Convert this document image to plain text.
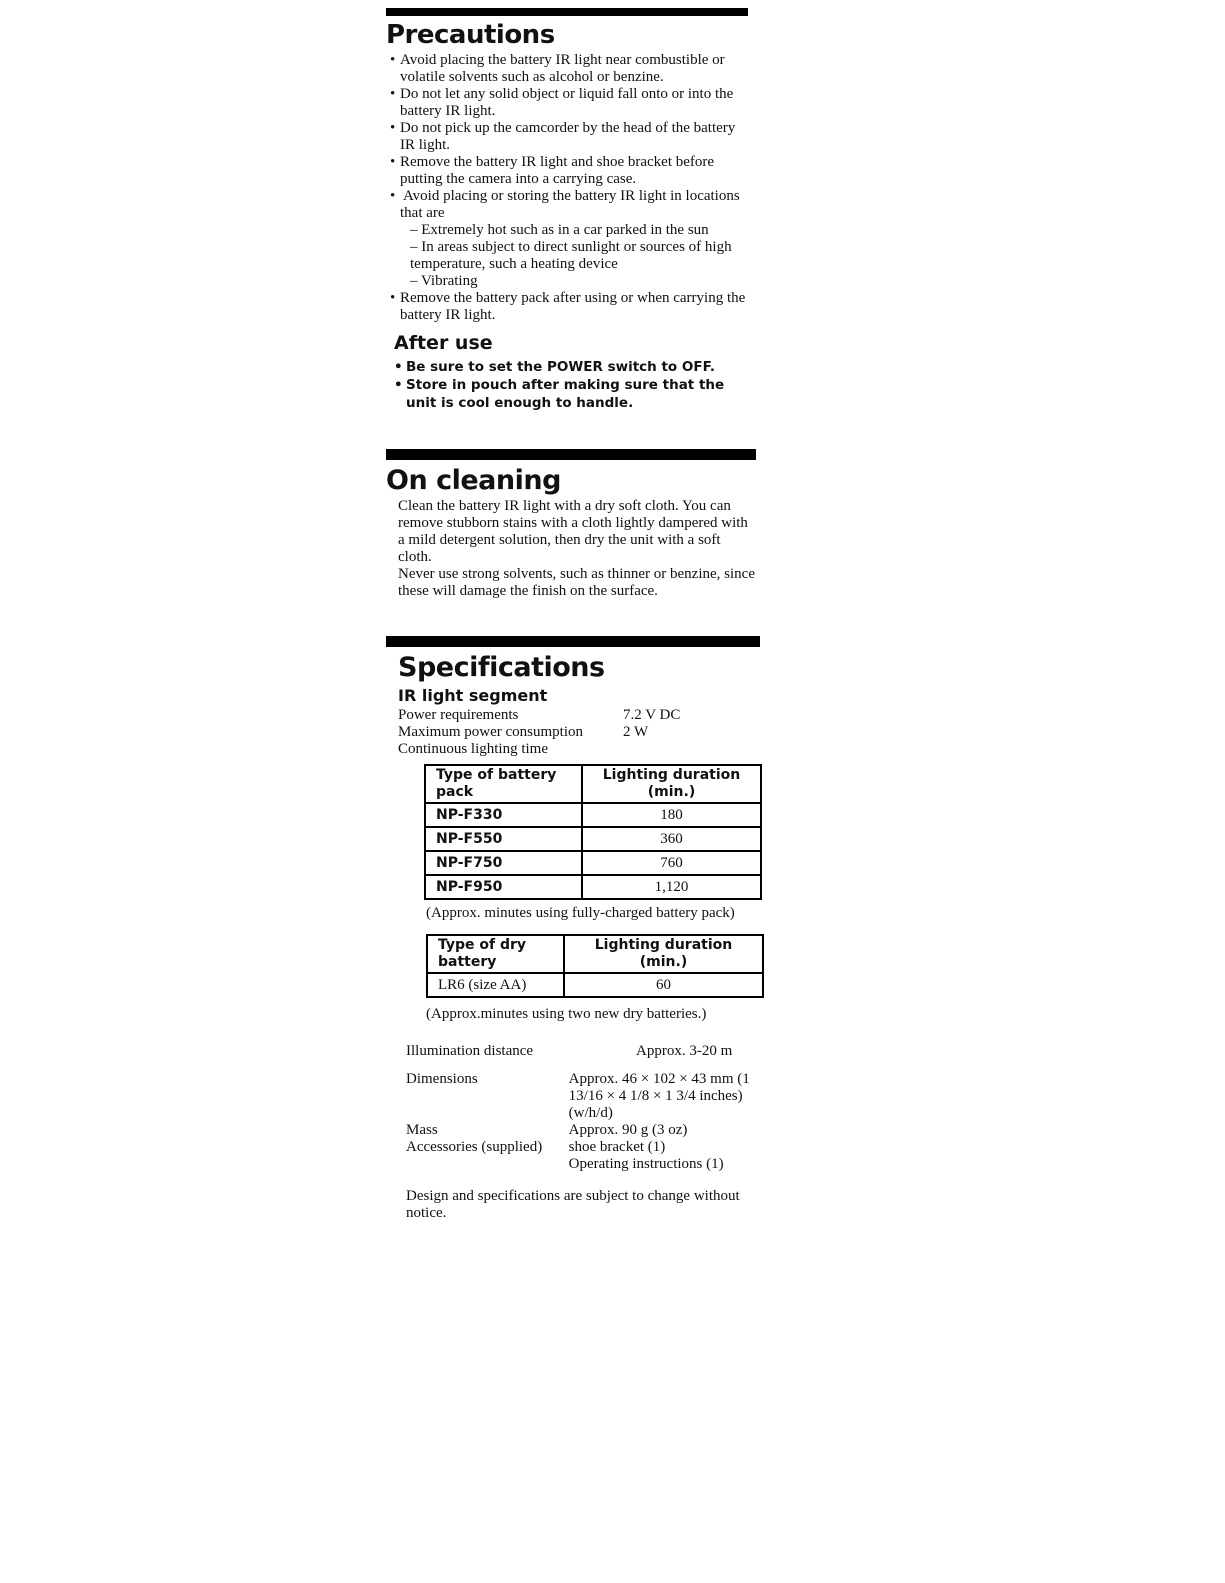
Precautions
• Avoid placing the battery IR light near combustible or volatile solvents such as alcohol or benzine.
• Do not let any solid object or liquid fall onto or into the battery IR light.
• Do not pick up the camcorder by the head of the battery IR light.
• Remove the battery IR light and shoe bracket before putting the camera into a carrying case.
• Avoid placing or storing the battery IR light in locations that are
– Extremely hot such as in a car parked in the sun
– In areas subject to direct sunlight or sources of high temperature, such a heating device
– Vibrating
• Remove the battery pack after using or when carrying the battery IR light.
After use
• Be sure to set the POWER switch to OFF.
• Store in pouch after making sure that the unit is cool enough to handle.
On cleaning

Clean the battery IR light with a dry soft cloth. You can remove stubborn stains with a cloth lightly dampered with a mild detergent solution, then dry the unit with a soft cloth.

Never use strong solvents, such as thinner or benzine, since these will damage the finish on the surface.

Specifications
IR light segment
Power requirements	7.2 V DC
Maximum power consumption	2 W
Continuous lighting time
Type of battery pack	Lighting duration (min.)
NP-F330	180
NP-F550	360
NP-F750	760
NP-F950	1,120
(Approx. minutes using fully-charged battery pack)
Type of dry battery	Lighting duration (min.)
LR6 (size AA)	60
(Approx.minutes using two new dry batteries.)
Illumination distance	Approx. 3-20 m
Dimensions	Approx. 46 × 102 × 43 mm (1 13/16 × 4 1/8 × 1 3/4 inches) (w/h/d)
Mass	Approx. 90 g (3 oz)
Accessories (supplied)	shoe bracket (1)
Operating instructions (1)
Design and specifications are subject to change without notice.
